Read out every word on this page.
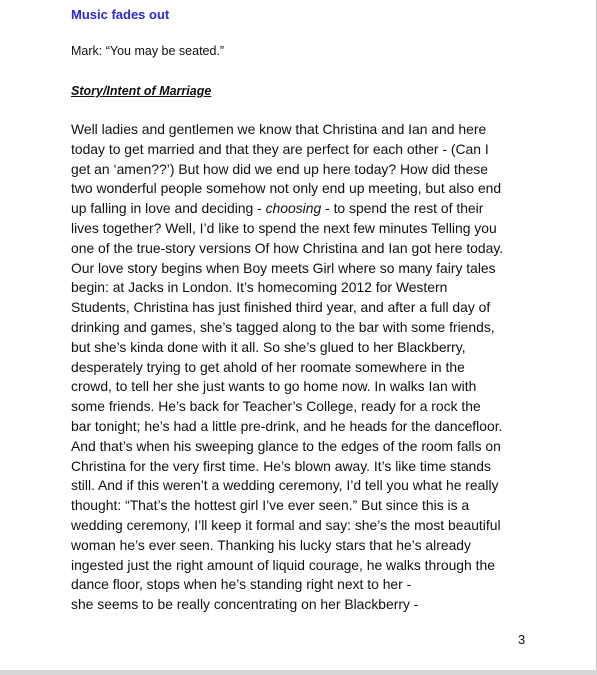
Music fades out

Mark: “You may be seated.”

Story/Intent of Marriage

Well ladies and gentlemen we know that Christina and Ian and here
today to get married and that they are perfect for each other - (Can I
get an ‘amen??’) But how did we end up here today? How did these
two wonderful people somehow not only end up meeting, but also end
up falling in love and deciding - choosing - to spend the rest of their
lives together? Well, I’d like to spend the next few minutes Telling you
one of the true-story versions Of how Christina and Ian got here today.
Our love story begins when Boy meets Girl where so many fairy tales
begin: at Jacks in London. It’s homecoming 2012 for Western
Students, Christina has just finished third year, and after a full day of
drinking and games, she’s tagged along to the bar with some friends,
but she’s kinda done with it all. So she’s glued to her Blackberry,
desperately trying to get ahold of her roomate somewhere in the
crowd, to tell her she just wants to go home now. In walks Ian with
some friends. He’s back for Teacher’s College, ready for a rock the
bar tonight; he’s had a little pre-drink, and he heads for the dancefloor.
And that’s when his sweeping glance to the edges of the room falls on
Christina for the very first time. He’s blown away. It’s like time stands
still. And if this weren’t a wedding ceremony, I’d tell you what he really
thought: “That’s the hottest girl I’ve ever seen.” But since this is a
wedding ceremony, I’ll keep it formal and say: she’s the most beautiful
woman he’s ever seen. Thanking his lucky stars that he’s already
ingested just the right amount of liquid courage, he walks through the
dance floor, stops when he’s standing right next to her -
she seems to be really concentrating on her Blackberry -

3
